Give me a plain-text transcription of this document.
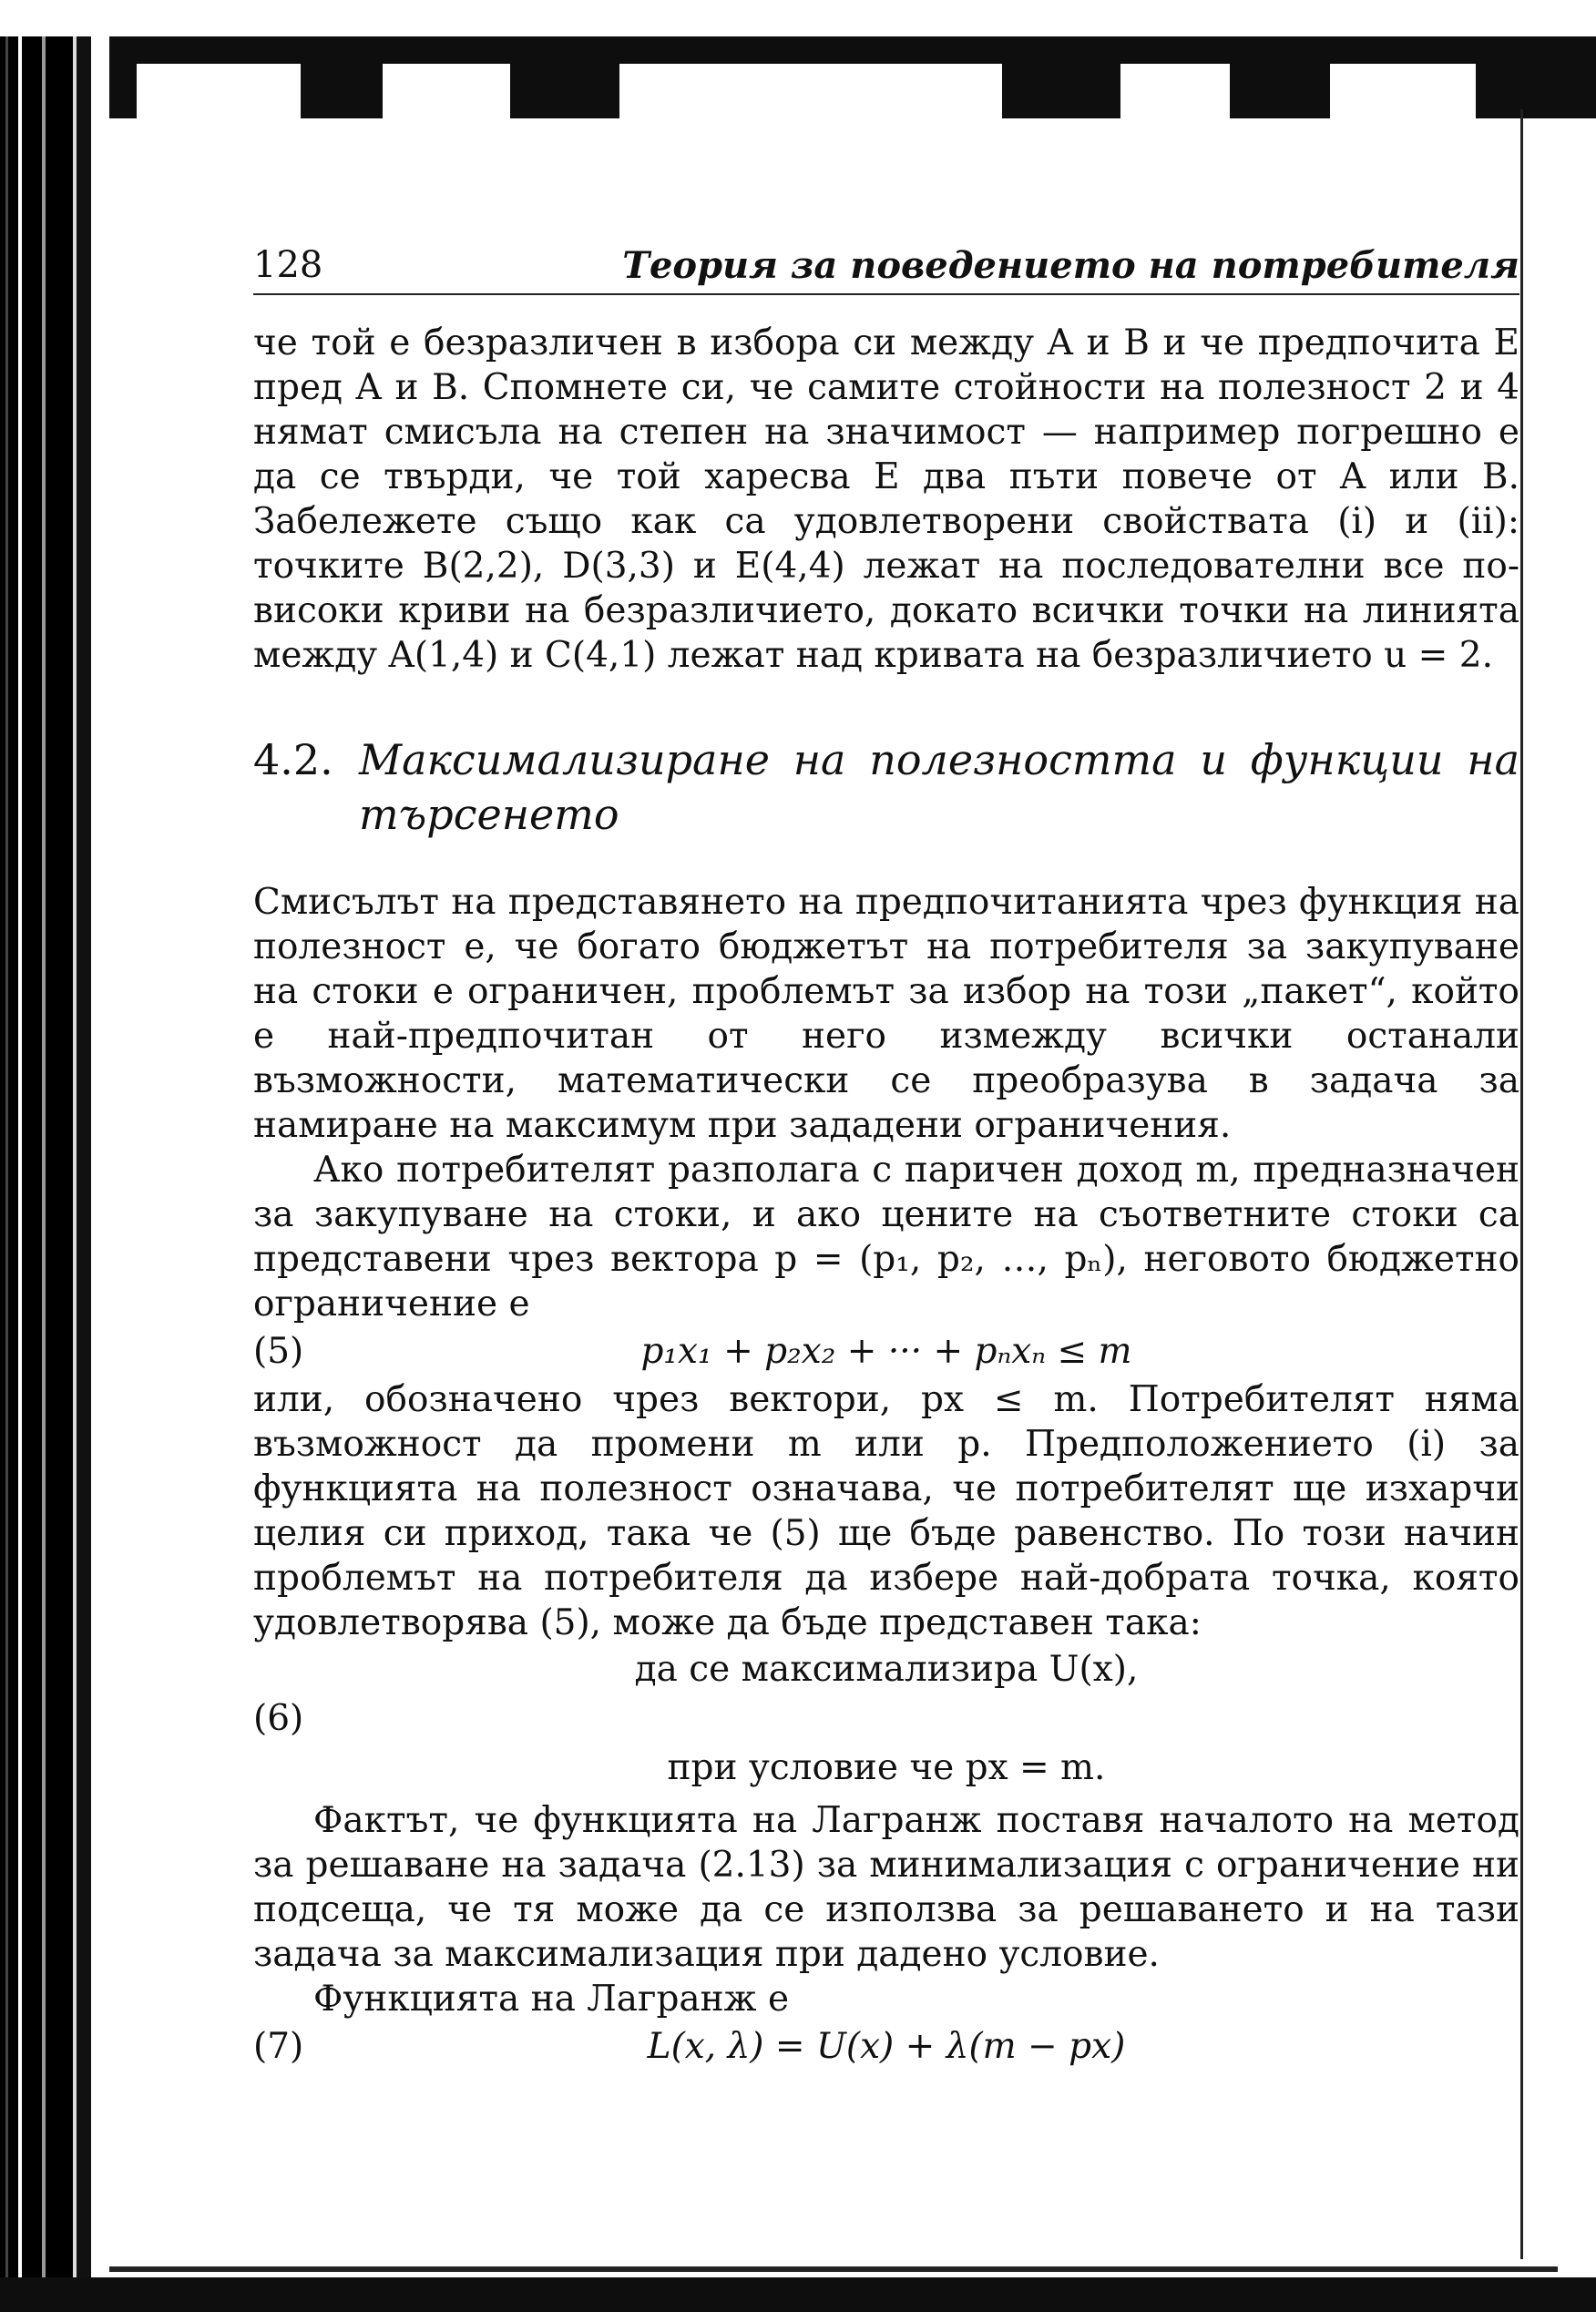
128	Теория за поведението на потребителя

че той е безразличен в избора си между A и B и че предпочита E пред A и B. Спомнете си, че самите стойности на полезност 2 и 4 нямат смисъла на степен на значимост — например погрешно е да се твърди, че той харесва E два пъти повече от A или B. Забележете също как са удовлетворени свойствата (i) и (ii): точките B(2,2), D(3,3) и E(4,4) лежат на последователни все по-високи криви на безразличието, докато всички точки на линията между A(1,4) и C(4,1) лежат над кривата на безразличието u = 2.

4.2. Максимализиране на полезността и функции на търсенето

Смисълът на представянето на предпочитанията чрез функция на полезност е, че богато бюджетът на потребителя за закупуване на стоки е ограничен, проблемът за избор на този „пакет“, който е най-предпочитан от него измежду всички останали възможности, математически се преобразува в задача за намиране на максимум при зададени ограничения.

Ако потребителят разполага с паричен доход m, предназначен за закупуване на стоки, и ако цените на съответните стоки са представени чрез вектора p = (p₁, p₂, …, pₙ), неговото бюджетно ограничение е

(5)	p₁x₁ + p₂x₂ + ··· + pₙxₙ ≤ m

или, обозначено чрез вектори, px ≤ m. Потребителят няма възможност да промени m или p. Предположението (i) за функцията на полезност означава, че потребителят ще изхарчи целия си приход, така че (5) ще бъде равенство. По този начин проблемът на потребителя да избере най-добрата точка, която удовлетворява (5), може да бъде представен така:

(6)
да се максимализира U(x),
при условие че px = m.

Фактът, че функцията на Лагранж поставя началото на метод за решаване на задача (2.13) за минимализация с ограничение ни подсеща, че тя може да се използва за решаването и на тази задача за максимализация при дадено условие.

Функцията на Лагранж е

(7)	L(x, λ) = U(x) + λ(m − px)
